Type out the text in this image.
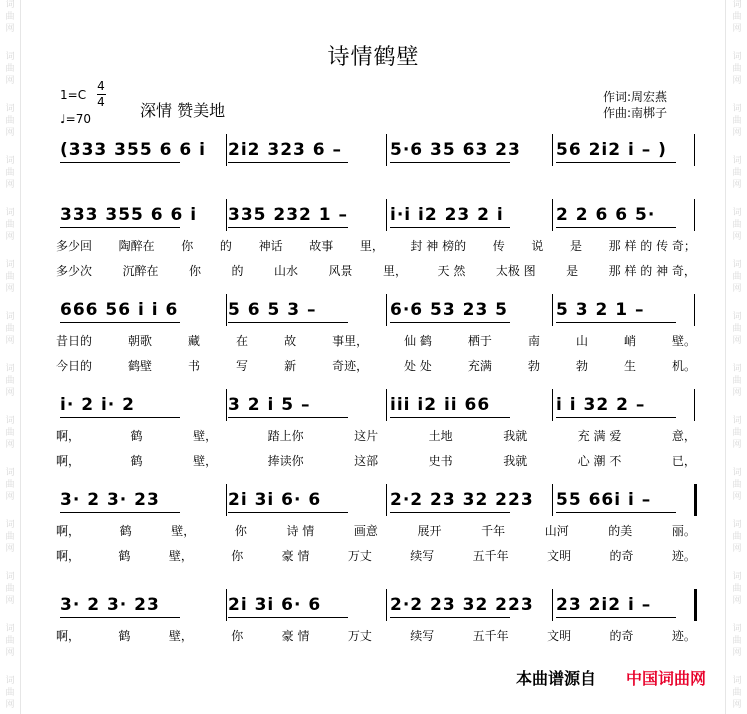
词
曲
网
词
曲
网
词
曲
网
词
曲
网
词
曲
网
词
曲
网
词
曲
网
词
曲
网
词
曲
网
词
曲
网
词
曲
网
词
曲
网
词
曲
网
词
曲
网
词
曲
网
词
曲
网
词
曲
网
词
曲
网
词
曲
网
词
曲
网
词
曲
网
词
曲
网
词
曲
网
词
曲
网
词
曲
网
词
曲
网
词
曲
网
词
曲
网
诗情鹤壁
1=C
4
4
♩=70	深情 赞美地
作词:周宏燕
作曲:南梆子
(333 355 6 6 i 2i2 323 6 –	5·6 35 63 23 56 2i2 i – )
333 355 6 6 i 335 232 1 – i·i i2 23 2 i	2 2 6 6 5·
多少回 陶醉在 你 的 神话 故事 里， 封 神 榜的 传 说 是 那 样 的 传 奇；
多少次	沉醉在	你	的	山水	风景	里，	天 然	太极 图	是	那 样 的 神 奇，
666 56 i i 6	5 6 5 3 –	6·6 53 23 5	5 3 2 1 –
昔日的	朝歌	藏	在	故	事里，	仙 鹤	栖于	南	山	峭	壁。
今日的	鹤壁	书	写	新	奇迹，	处 处	充满	勃	勃	生	机。
i· 2 i· 2	3 2 i 5 –	iii i2 ii 66	i i 32 2 –
啊，	鹤	壁，	踏上你	这片	土地	我就	充 满 爱	意，
啊，	鹤	壁，	捧读你	这部	史书	我就	心 潮 不	已，
3· 2 3· 23	2i 3i 6· 6	2·2 23 32 223 55 66i i –
啊，	鹤	壁，	你	诗 情	画意	展开	千年	山河	的美	丽。
啊，	鹤	壁，	你	豪 情	万丈	续写	五千年	文明	的奇	迹。
3· 2 3· 23	2i 3i 6· 6	2·2 23 32 223 23 2i2 i –
啊，	鹤	壁，	你	豪 情	万丈	续写	五千年	文明	的奇	迹。
本曲谱源自 中国词曲网
